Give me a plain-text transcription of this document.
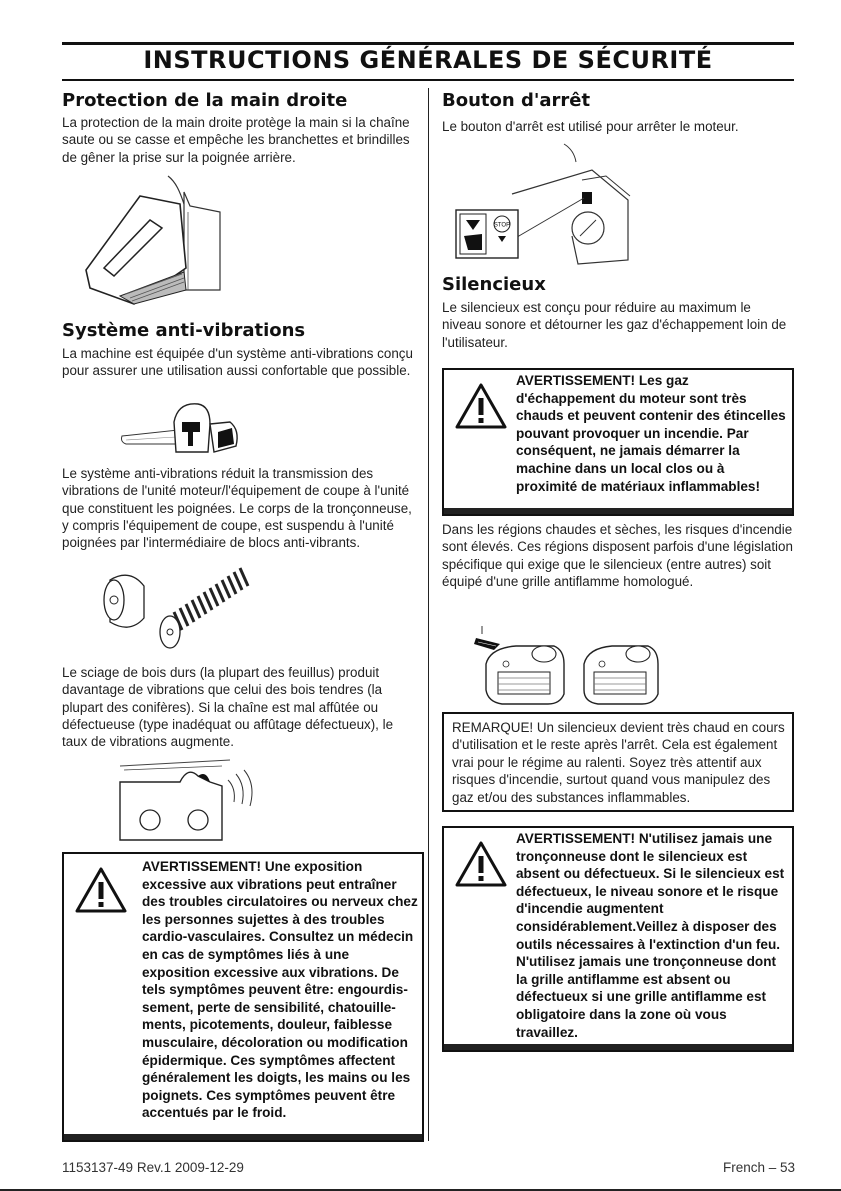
INSTRUCTIONS GÉNÉRALES DE SÉCURITÉ
Protection de la main droite

La protection de la main droite protège la main si la chaîne saute ou se casse et empêche les branchettes et brindilles de gêner la prise sur la poignée arrière.

Système anti-vibrations

La machine est équipée d'un système anti-vibrations conçu pour assurer une utilisation aussi confortable que possible.

Le système anti-vibrations réduit la transmission des vibrations de l'unité moteur/l'équipement de coupe à l'unité que constituent les poignées. Le corps de la tronçonneuse, y compris l'équipement de coupe, est suspendu à l'unité poignées par l'intermédiaire de blocs anti-vibrants.

Le sciage de bois durs (la plupart des feuillus) produit davantage de vibrations que celui des bois tendres (la plupart des conifères). Si la chaîne est mal affûtée ou défectueuse (type inadéquat ou affûtage défectueux), le taux de vibrations augmente.

AVERTISSEMENT! Une exposition excessive aux vibrations peut entraîner des troubles circulatoires ou nerveux chez les personnes sujettes à des troubles cardio-vasculaires. Consultez un médecin en cas de symptômes liés à une exposition excessive aux vibrations. De tels symptômes peuvent être: engourdis-sement, perte de sensibilité, chatouille-ments, picotements, douleur, faiblesse musculaire, décoloration ou modification épidermique. Ces symptômes affectent généralement les doigts, les mains ou les poignets. Ces symptômes peuvent être accentués par le froid.

Bouton d'arrêt

Le bouton d'arrêt est utilisé pour arrêter le moteur.

STOP
Silencieux

Le silencieux est conçu pour réduire au maximum le niveau sonore et détourner les gaz d'échappement loin de l'utilisateur.

AVERTISSEMENT! Les gaz d'échappement du moteur sont très chauds et peuvent contenir des étincelles pouvant provoquer un incendie. Par conséquent, ne jamais démarrer la machine dans un local clos ou à proximité de matériaux inflammables!

Dans les régions chaudes et sèches, les risques d'incendie sont élevés. Ces régions disposent parfois d'une législation spécifique qui exige que le silencieux (entre autres) soit équipé d'une grille antiflamme homologué.

REMARQUE! Un silencieux devient très chaud en cours d'utilisation et le reste après l'arrêt. Cela est également vrai pour le régime au ralenti. Soyez très attentif aux risques d'incendie, surtout quand vous manipulez des gaz et/ou des substances inflammables.

AVERTISSEMENT! N'utilisez jamais une tronçonneuse dont le silencieux est absent ou défectueux. Si le silencieux est défectueux, le niveau sonore et le risque d'incendie augmentent considérablement.Veillez à disposer des outils nécessaires à l'extinction d'un feu. N'utilisez jamais une tronçonneuse dont la grille antiflamme est absent ou défectueux si une grille antiflamme est obligatoire dans la zone où vous travaillez.

1153137-49 Rev.1 2009-12-29	French – 53
